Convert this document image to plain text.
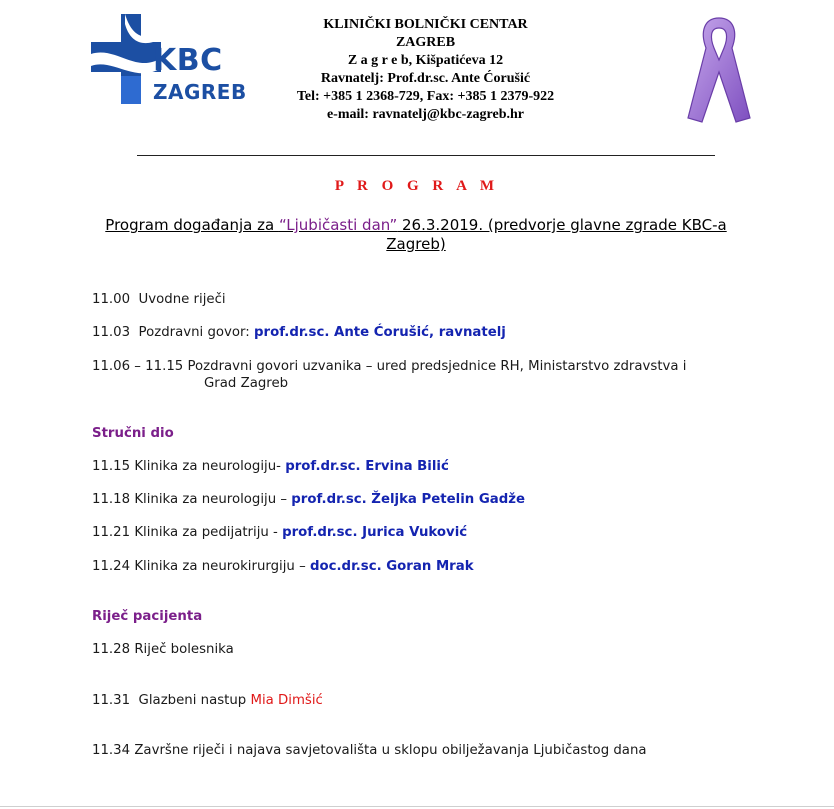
KBC
ZAGREB
KLINIČKI BOLNIČKI CENTAR
ZAGREB
Z a g r e b, Kišpatićeva 12
Ravnatelj: Prof.dr.sc. Ante Ćorušić
Tel: +385 1 2368-729, Fax: +385 1 2379-922
e-mail: ravnatelj@kbc-zagreb.hr
P R O G R A M
Program događanja za “Ljubičasti dan” 26.3.2019. (predvorje glavne zgrade KBC-a Zagreb)
11.00 Uvodne riječi
11.03 Pozdravni govor: prof.dr.sc. Ante Ćorušić, ravnatelj
11.06 – 11.15 Pozdravni govori uzvanika – ured predsjednice RH, Ministarstvo zdravstva i

Grad Zagreb
Stručni dio
11.15 Klinika za neurologiju- prof.dr.sc. Ervina Bilić
11.18 Klinika za neurologiju – prof.dr.sc. Željka Petelin Gadže
11.21 Klinika za pedijatriju - prof.dr.sc. Jurica Vuković
11.24 Klinika za neurokirurgiju – doc.dr.sc. Goran Mrak
Riječ pacijenta
11.28 Riječ bolesnika
11.31 Glazbeni nastup Mia Dimšić
11.34 Završne riječi i najava savjetovališta u sklopu obilježavanja Ljubičastog dana
